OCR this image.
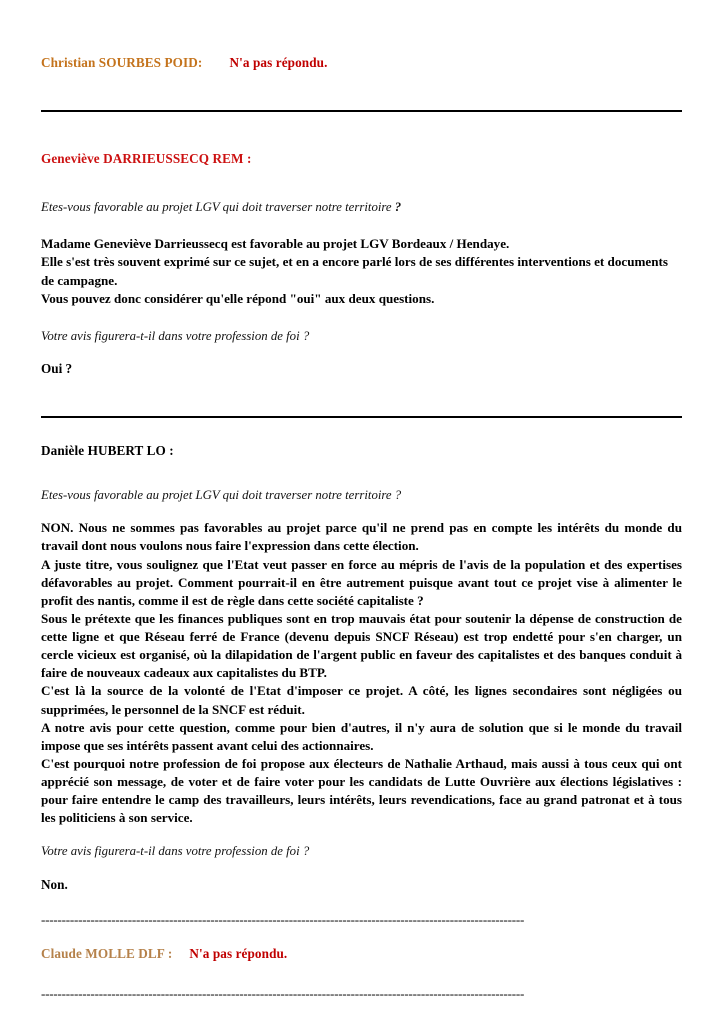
Christian SOURBES POID: N'a pas répondu.
Geneviève DARRIEUSSECQ REM :
Etes-vous favorable au projet LGV qui doit traverser notre territoire ?
Madame Geneviève Darrieussecq est favorable au projet LGV Bordeaux / Hendaye.
Elle s'est très souvent exprimé sur ce sujet, et en a encore parlé lors de ses différentes interventions et documents de campagne.
Vous pouvez donc considérer qu'elle répond "oui" aux deux questions.
Votre avis figurera-t-il dans votre profession de foi ?
Oui ?
Danièle HUBERT LO :
Etes-vous favorable au projet LGV qui doit traverser notre territoire ?
NON. Nous ne sommes pas favorables au projet parce qu'il ne prend pas en compte les intérêts du monde du travail dont nous voulons nous faire l'expression dans cette élection.
A juste titre, vous soulignez que l'Etat veut passer en force au mépris de l'avis de la population et des expertises défavorables au projet. Comment pourrait-il en être autrement puisque avant tout ce projet vise à alimenter le profit des nantis, comme il est de règle dans cette société capitaliste ?
Sous le prétexte que les finances publiques sont en trop mauvais état pour soutenir la dépense de construction de cette ligne et que Réseau ferré de France (devenu depuis SNCF Réseau) est trop endetté pour s'en charger, un cercle vicieux est organisé, où la dilapidation de l'argent public en faveur des capitalistes et des banques conduit à faire de nouveaux cadeaux aux capitalistes du BTP.
C'est là la source de la volonté de l'Etat d'imposer ce projet. A côté, les lignes secondaires sont négligées ou supprimées, le personnel de la SNCF est réduit.
A notre avis pour cette question, comme pour bien d'autres, il n'y aura de solution que si le monde du travail impose que ses intérêts passent avant celui des actionnaires.
C'est pourquoi notre profession de foi propose aux électeurs de Nathalie Arthaud, mais aussi à tous ceux qui ont apprécié son message, de voter et de faire voter pour les candidats de Lutte Ouvrière aux élections législatives : pour faire entendre le camp des travailleurs, leurs intérêts, leurs revendications, face au grand patronat et à tous les politiciens à son service.
Votre avis figurera-t-il dans votre profession de foi ?
Non.
---------------------------------------------------------------------------------------------------------------------
Claude MOLLE DLF : N'a pas répondu.
---------------------------------------------------------------------------------------------------------------------
